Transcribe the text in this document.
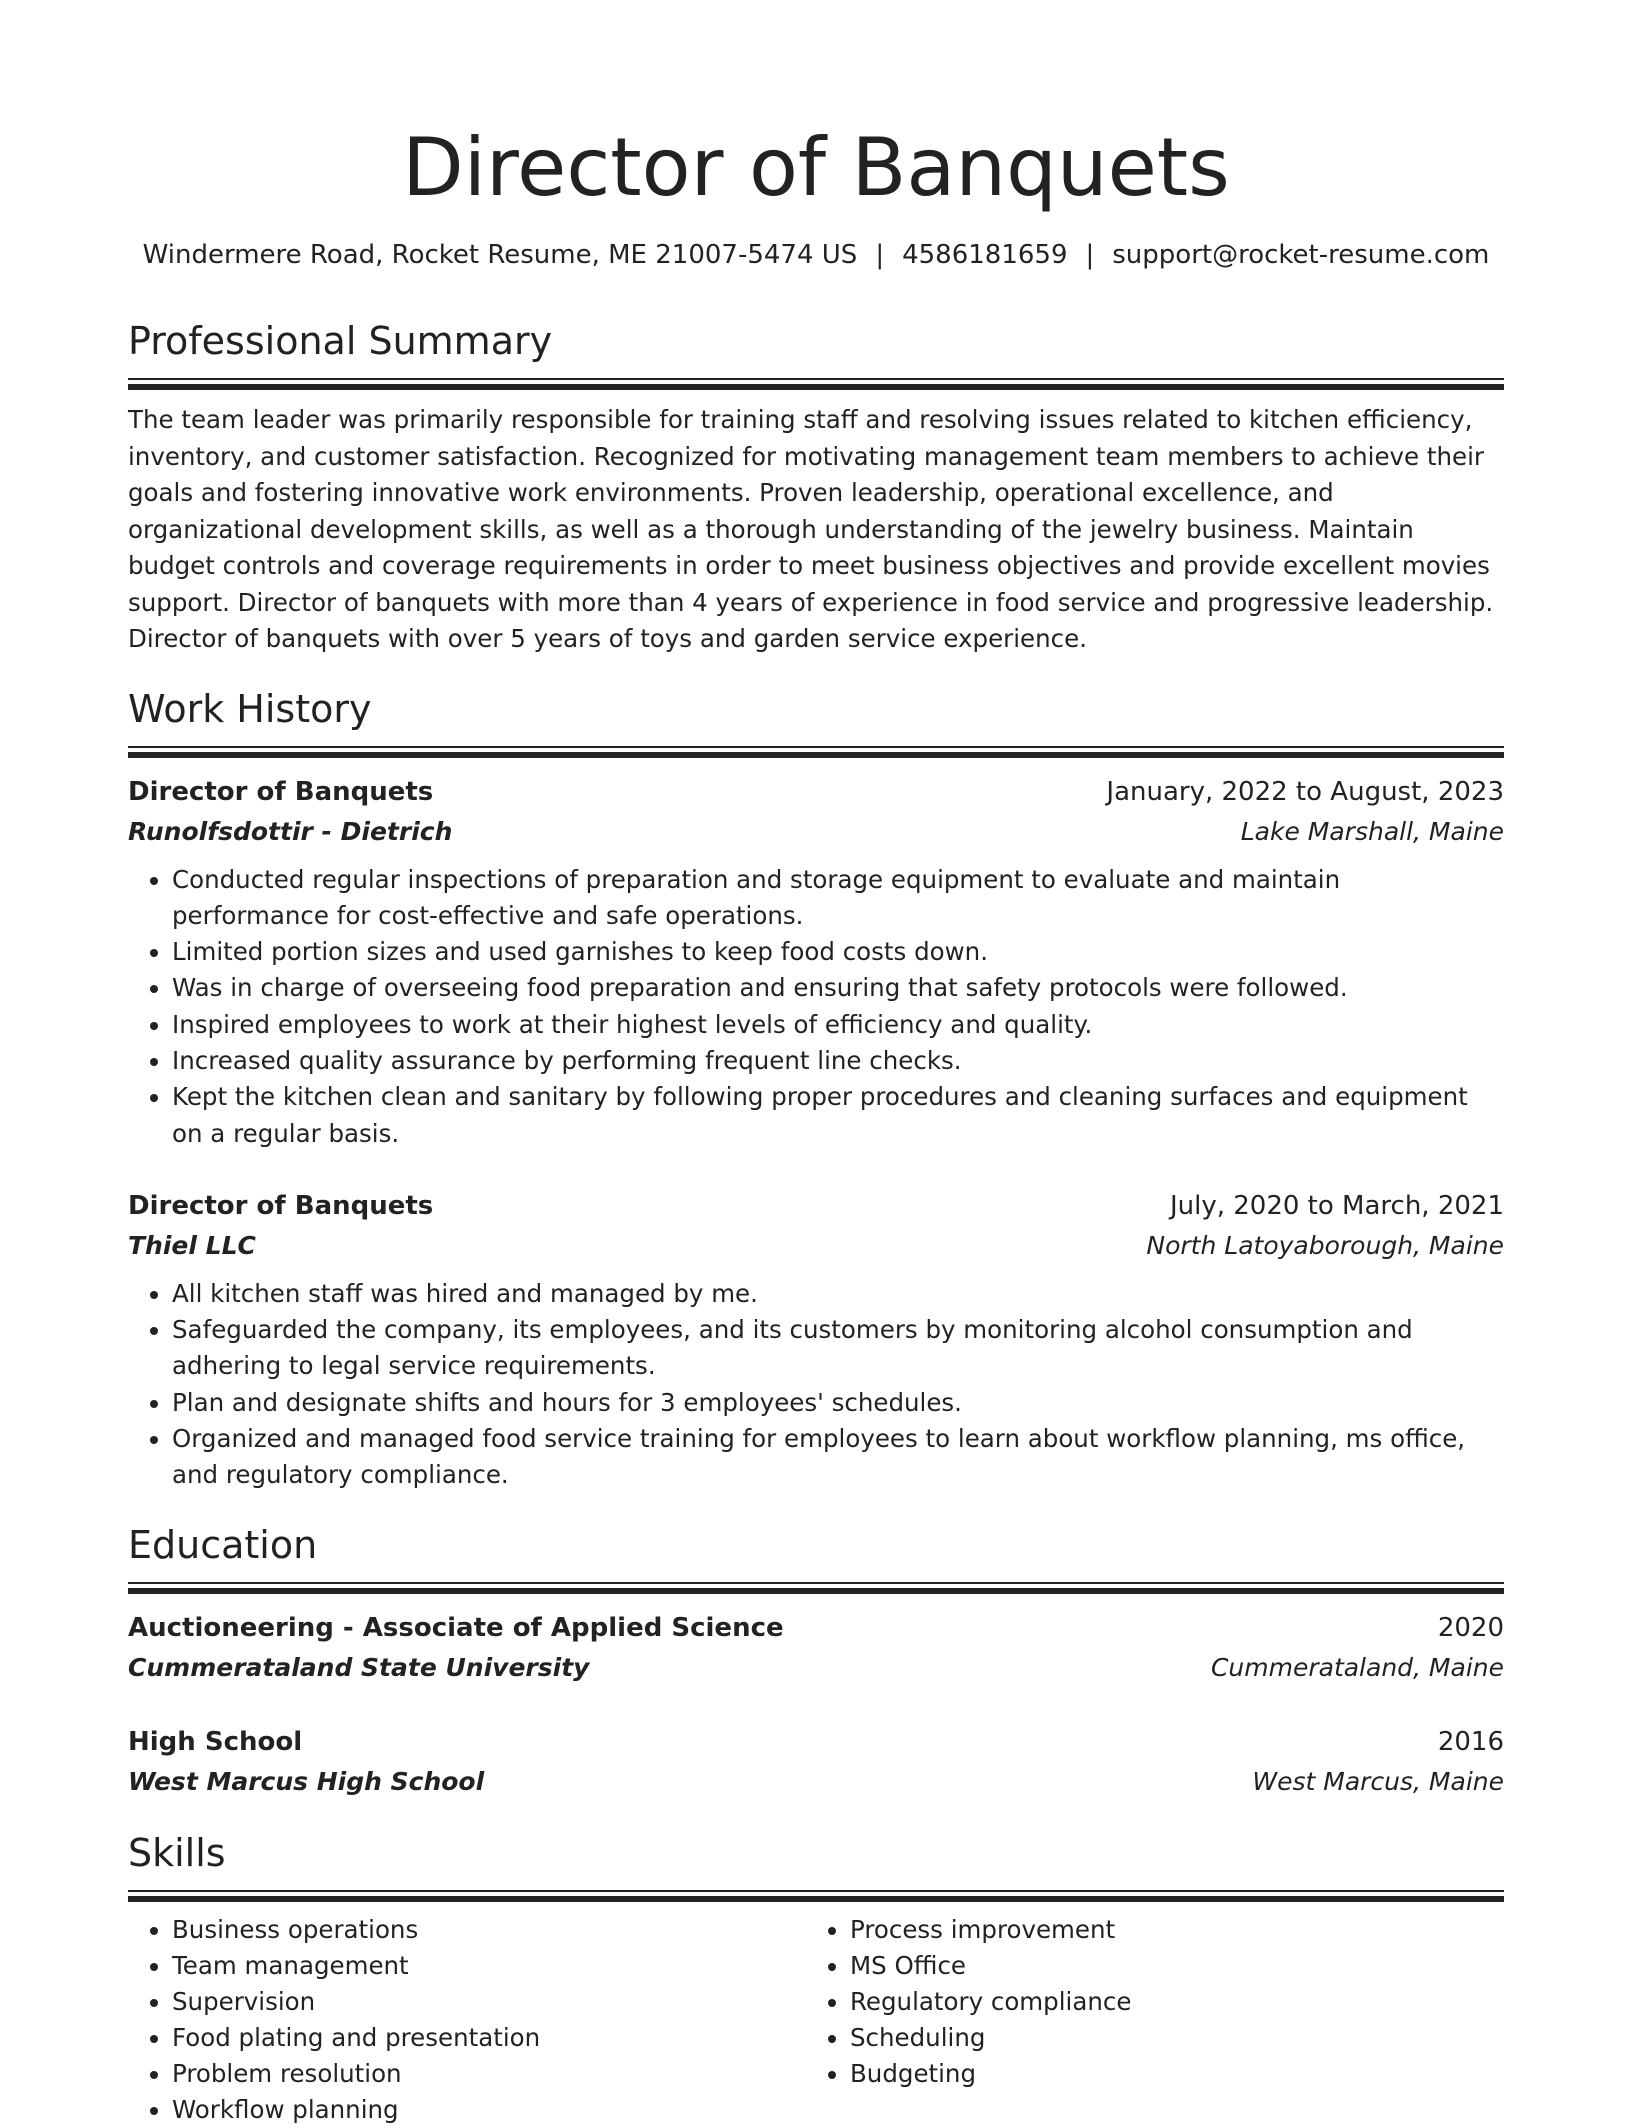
Director of Banquets
Windermere Road, Rocket Resume, ME 21007-5474 US | 4586181659 | support@rocket-resume.com
Professional Summary

The team leader was primarily responsible for training staff and resolving issues related to kitchen efficiency, inventory, and customer satisfaction. Recognized for motivating management team members to achieve their goals and fostering innovative work environments. Proven leadership, operational excellence, and organizational development skills, as well as a thorough understanding of the jewelry business. Maintain budget controls and coverage requirements in order to meet business objectives and provide excellent movies support. Director of banquets with more than 4 years of experience in food service and progressive leadership. Director of banquets with over 5 years of toys and garden service experience.

Work History
Director of Banquets	January, 2022 to August, 2023
Runolfsdottir - Dietrich	Lake Marshall, Maine
• Conducted regular inspections of preparation and storage equipment to evaluate and maintain performance for cost-effective and safe operations.
• Limited portion sizes and used garnishes to keep food costs down.
• Was in charge of overseeing food preparation and ensuring that safety protocols were followed.
• Inspired employees to work at their highest levels of efficiency and quality.
• Increased quality assurance by performing frequent line checks.
• Kept the kitchen clean and sanitary by following proper procedures and cleaning surfaces and equipment on a regular basis.
Director of Banquets	July, 2020 to March, 2021
Thiel LLC	North Latoyaborough, Maine
• All kitchen staff was hired and managed by me.
• Safeguarded the company, its employees, and its customers by monitoring alcohol consumption and adhering to legal service requirements.
• Plan and designate shifts and hours for 3 employees' schedules.
• Organized and managed food service training for employees to learn about workflow planning, ms office, and regulatory compliance.
Education
Auctioneering - Associate of Applied Science	2020
Cummerataland State University	Cummerataland, Maine
High School	2016
West Marcus High School	West Marcus, Maine
Skills
• Business operations
• Team management
• Supervision
• Food plating and presentation
• Problem resolution
• Workflow planning
• Process improvement
• MS Office
• Regulatory compliance
• Scheduling
• Budgeting
